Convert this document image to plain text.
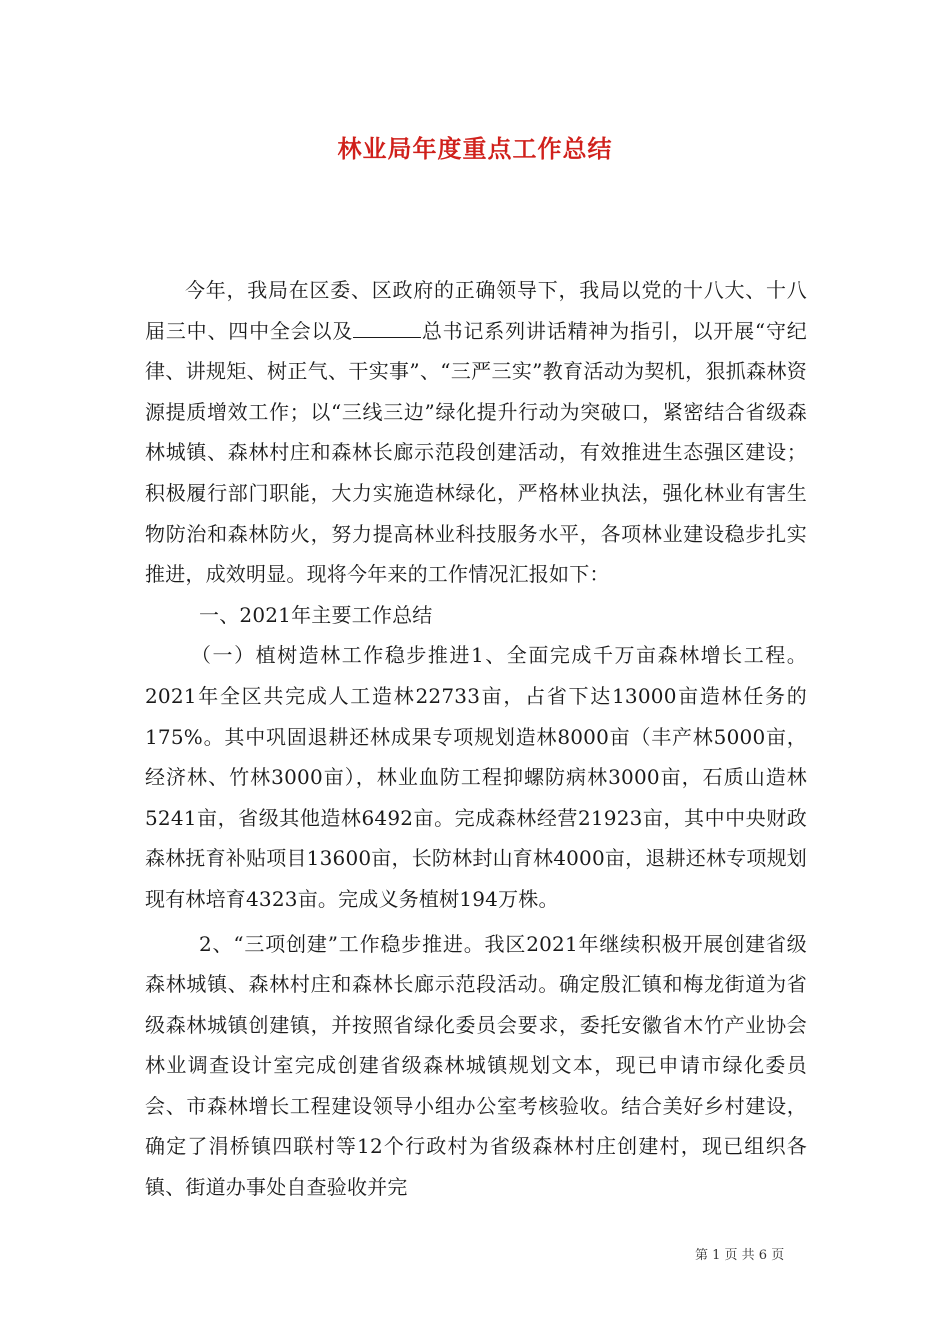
林业局年度重点工作总结

今年，我局在区委、区政府的正确领导下，我局以党的十八大、十八届三中、四中全会以及	总书记系列讲话精神为指引，以开展“守纪律、讲规矩、树正气、干实事”、“三严三实”教育活动为契机，狠抓森林资源提质增效工作；以“三线三边”绿化提升行动为突破口，紧密结合省级森林城镇、森林村庄和森林长廊示范段创建活动，有效推进生态强区建设；积极履行部门职能，大力实施造林绿化，严格林业执法，强化林业有害生物防治和森林防火，努力提高林业科技服务水平，各项林业建设稳步扎实推进，成效明显。现将今年来的工作情况汇报如下：

一、2021年主要工作总结

（一）植树造林工作稳步推进1、全面完成千万亩森林增长工程。2021年全区共完成人工造林22733亩，占省下达13000亩造林任务的175%。其中巩固退耕还林成果专项规划造林8000亩（丰产林5000亩，经济林、竹林3000亩），林业血防工程抑螺防病林3000亩，石质山造林5241亩，省级其他造林6492亩。完成森林经营21923亩，其中中央财政森林抚育补贴项目13600亩，长防林封山育林4000亩，退耕还林专项规划现有林培育4323亩。完成义务植树194万株。

2、“三项创建”工作稳步推进。我区2021年继续积极开展创建省级森林城镇、森林村庄和森林长廊示范段活动。确定殷汇镇和梅龙街道为省级森林城镇创建镇，并按照省绿化委员会要求，委托安徽省木竹产业协会林业调查设计室完成创建省级森林城镇规划文本，现已申请市绿化委员会、市森林增长工程建设领导小组办公室考核验收。结合美好乡村建设，确定了涓桥镇四联村等12个行政村为省级森林村庄创建村，现已组织各镇、街道办事处自查验收并完

第 1 页 共 6 页
